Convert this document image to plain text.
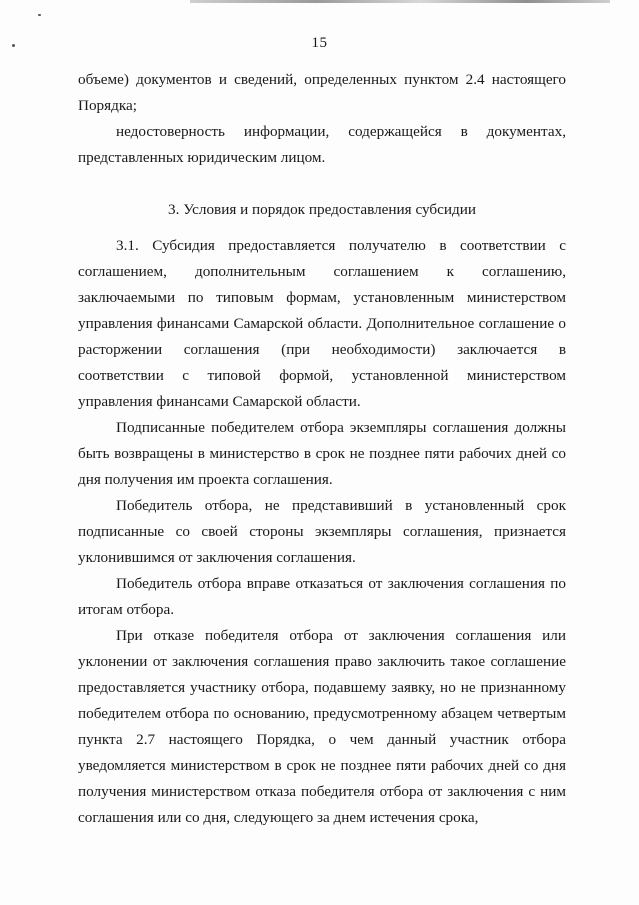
15

объеме) документов и сведений, определенных пунктом 2.4 настоящего Порядка;

недостоверность информации, содержащейся в документах, представленных юридическим лицом.

3. Условия и порядок предоставления субсидии

3.1. Субсидия предоставляется получателю в соответствии с соглашением, дополнительным соглашением к соглашению, заключаемыми по типовым формам, установленным министерством управления финансами Самарской области. Дополнительное соглашение о расторжении соглашения (при необходимости) заключается в соответствии с типовой формой, установленной министерством управления финансами Самарской области.

Подписанные победителем отбора экземпляры соглашения должны быть возвращены в министерство в срок не позднее пяти рабочих дней со дня получения им проекта соглашения.

Победитель отбора, не представивший в установленный срок подписанные со своей стороны экземпляры соглашения, признается уклонившимся от заключения соглашения.

Победитель отбора вправе отказаться от заключения соглашения по итогам отбора.

При отказе победителя отбора от заключения соглашения или уклонении от заключения соглашения право заключить такое соглашение предоставляется участнику отбора, подавшему заявку, но не признанному победителем отбора по основанию, предусмотренному абзацем четвертым пункта 2.7 настоящего Порядка, о чем данный участник отбора уведомляется министерством в срок не позднее пяти рабочих дней со дня получения министерством отказа победителя отбора от заключения с ним соглашения или со дня, следующего за днем истечения срока,
